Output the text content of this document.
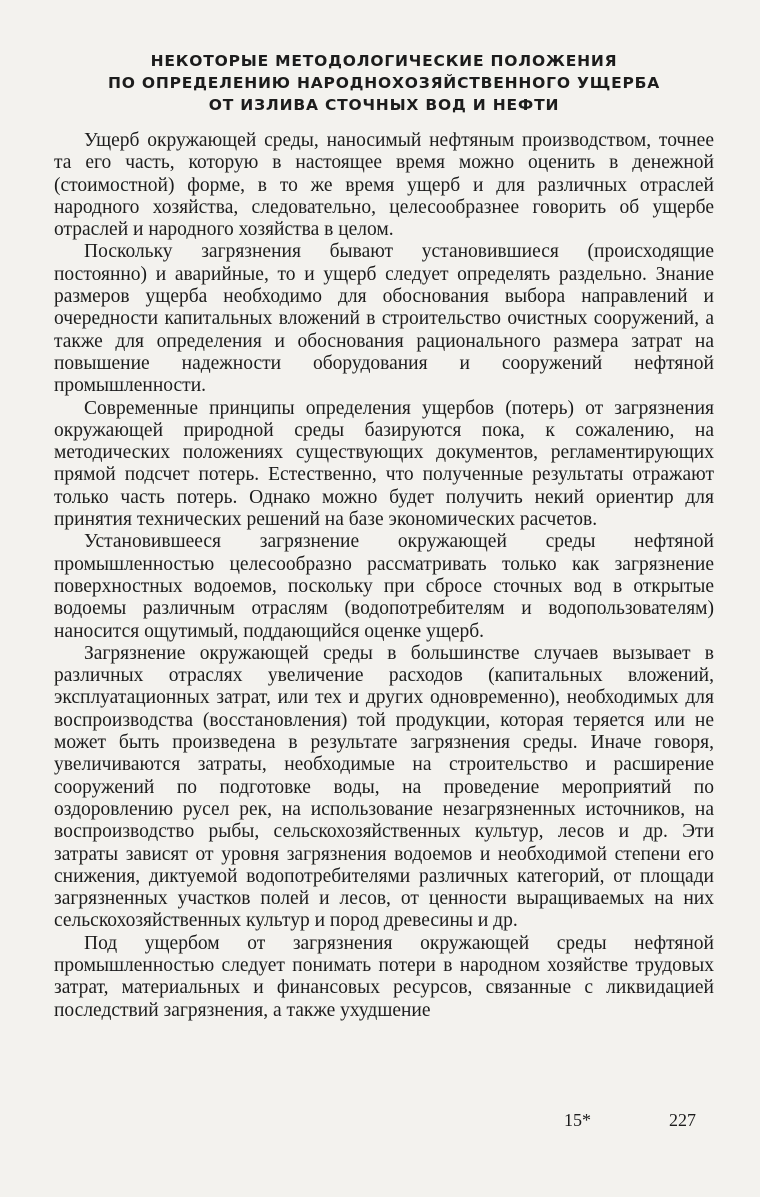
НЕКОТОРЫЕ МЕТОДОЛОГИЧЕСКИЕ ПОЛОЖЕНИЯ
ПО ОПРЕДЕЛЕНИЮ НАРОДНОХОЗЯЙСТВЕННОГО УЩЕРБА
ОТ ИЗЛИВА СТОЧНЫХ ВОД И НЕФТИ

Ущерб окружающей среды, наносимый нефтяным производством, точнее та его часть, которую в настоящее время можно оценить в денежной (стоимостной) форме, в то же время ущерб и для различных отраслей народного хозяйства, следовательно, целесообразнее говорить об ущербе отраслей и народного хозяйства в целом.

Поскольку загрязнения бывают установившиеся (происходящие постоянно) и аварийные, то и ущерб следует определять раздельно. Знание размеров ущерба необходимо для обоснования выбора направлений и очередности капитальных вложений в строительство очистных сооружений, а также для определения и обоснования рационального размера затрат на повышение надежности оборудования и сооружений нефтяной промышленности.

Современные принципы определения ущербов (потерь) от загрязнения окружающей природной среды базируются пока, к сожалению, на методических положениях существующих документов, регламентирующих прямой подсчет потерь. Естественно, что полученные результаты отражают только часть потерь. Однако можно будет получить некий ориентир для принятия технических решений на базе экономических расчетов.

Установившееся загрязнение окружающей среды нефтяной промышленностью целесообразно рассматривать только как загрязнение поверхностных водоемов, поскольку при сбросе сточных вод в открытые водоемы различным отраслям (водопотребителям и водопользователям) наносится ощутимый, поддающийся оценке ущерб.

Загрязнение окружающей среды в большинстве случаев вызывает в различных отраслях увеличение расходов (капитальных вложений, эксплуатационных затрат, или тех и других одновременно), необходимых для воспроизводства (восстановления) той продукции, которая теряется или не может быть произведена в результате загрязнения среды. Иначе говоря, увеличиваются затраты, необходимые на строительство и расширение сооружений по подготовке воды, на проведение мероприятий по оздоровлению русел рек, на использование незагрязненных источников, на воспроизводство рыбы, сельскохозяйственных культур, лесов и др. Эти затраты зависят от уровня загрязнения водоемов и необходимой степени его снижения, диктуемой водопотребителями различных категорий, от площади загрязненных участков полей и лесов, от ценности выращиваемых на них сельскохозяйственных культур и пород древесины и др.

Под ущербом от загрязнения окружающей среды нефтяной промышленностью следует понимать потери в народном хозяйстве трудовых затрат, материальных и финансовых ресурсов, связанные с ликвидацией последствий загрязнения, а также ухудшение

15*	227
